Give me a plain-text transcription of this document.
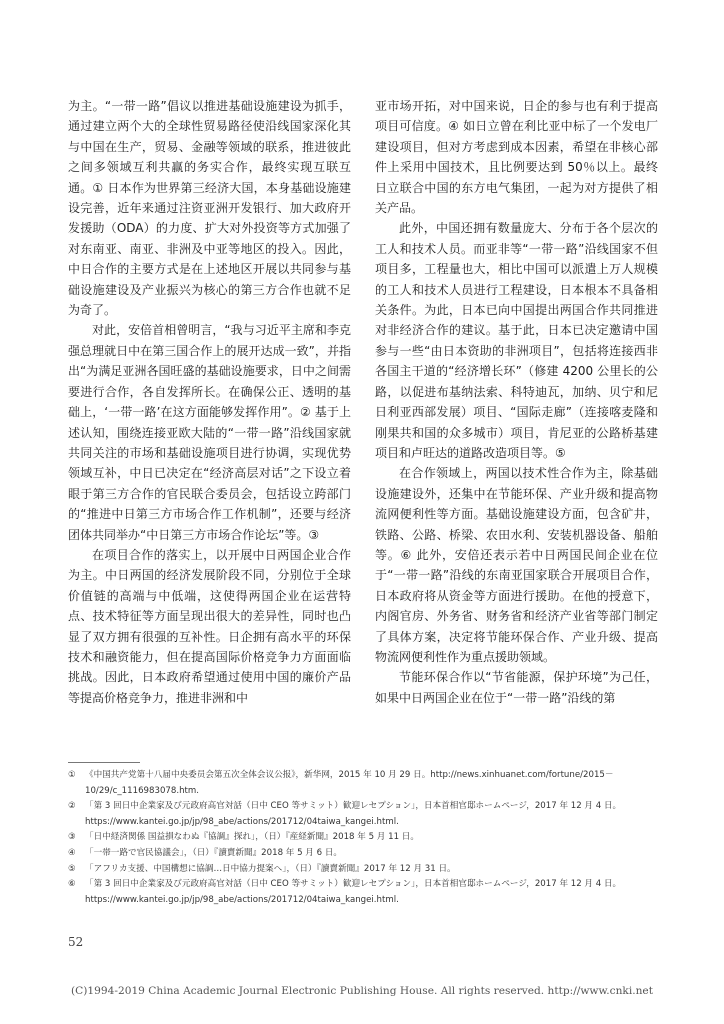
为主。“一带一路”倡议以推进基础设施建设为抓手，通过建立两个大的全球性贸易路径使沿线国家深化其与中国在生产，贸易、金融等领域的联系，推进彼此之间多领域互利共赢的务实合作，最终实现互联互通。① 日本作为世界第三经济大国，本身基础设施建设完善，近年来通过注资亚洲开发银行、加大政府开发援助（ODA）的力度、扩大对外投资等方式加强了对东南亚、南亚、非洲及中亚等地区的投入。因此，中日合作的主要方式是在上述地区开展以共同参与基础设施建设及产业振兴为核心的第三方合作也就不足为奇了。

对此，安倍首相曾明言，“我与习近平主席和李克强总理就日中在第三国合作上的展开达成一致”，并指出“为满足亚洲各国旺盛的基础设施要求，日中之间需要进行合作，各自发挥所长。在确保公正、透明的基础上，‘一带一路’在这方面能够发挥作用”。② 基于上述认知，围绕连接亚欧大陆的“一带一路”沿线国家就共同关注的市场和基础设施项目进行协调，实现优势领域互补，中日已决定在“经济高层对话”之下设立着眼于第三方合作的官民联合委员会，包括设立跨部门的“推进中日第三方市场合作工作机制”，还要与经济团体共同举办“中日第三方市场合作论坛”等。③

在项目合作的落实上，以开展中日两国企业合作为主。中日两国的经济发展阶段不同，分别位于全球价值链的高端与中低端，这使得两国企业在运营特点、技术特征等方面呈现出很大的差异性，同时也凸显了双方拥有很强的互补性。日企拥有高水平的环保技术和融资能力，但在提高国际价格竞争力方面面临挑战。因此，日本政府希望通过使用中国的廉价产品等提高价格竞争力，推进非洲和中

亚市场开拓，对中国来说，日企的参与也有利于提高项目可信度。④ 如日立曾在利比亚中标了一个发电厂建设项目，但对方考虑到成本因素，希望在非核心部件上采用中国技术，且比例要达到 50％以上。最终日立联合中国的东方电气集团，一起为对方提供了相关产品。

此外，中国还拥有数量庞大、分布于各个层次的工人和技术人员。而亚非等“一带一路”沿线国家不但项目多，工程量也大，相比中国可以派遣上万人规模的工人和技术人员进行工程建设，日本根本不具备相关条件。为此，日本已向中国提出两国合作共同推进对非经济合作的建议。基于此，日本已决定邀请中国参与一些“由日本资助的非洲项目”，包括将连接西非各国主干道的“经济增长环”（修建 4200 公里长的公路，以促进布基纳法索、科特迪瓦，加纳、贝宁和尼日利亚西部发展）项目、“国际走廊”（连接喀麦隆和刚果共和国的众多城市）项目，肯尼亚的公路桥基建项目和卢旺达的道路改造项目等。⑤

在合作领域上，两国以技术性合作为主，除基础设施建设外，还集中在节能环保、产业升级和提高物流网便利性等方面。基础设施建设方面，包含矿井，铁路、公路、桥梁、农田水利、安装机器设备、船舶等。⑥ 此外，安倍还表示若中日两国民间企业在位于“一带一路”沿线的东南亚国家联合开展项目合作，日本政府将从资金等方面进行援助。在他的授意下，内阁官房、外务省、财务省和经济产业省等部门制定了具体方案，决定将节能环保合作、产业升级、提高物流网便利性作为重点援助领域。

节能环保合作以“节省能源，保护环境”为己任，如果中日两国企业在位于“一带一路”沿线的第

① 《中国共产党第十八届中央委员会第五次全体会议公报》，新华网，2015 年 10 月 29 日。http://news.xinhuanet.com/fortune/2015－10/29/c_1116983078.htm.
② 「第 3 回日中企業家及び元政府高官対話（日中 CEO 等サミット）歓迎レセプション」，日本首相官邸ホームページ，2017 年 12 月 4 日。https://www.kantei.go.jp/jp/98_abe/actions/201712/04taiwa_kangei.html.
③ 「日中経済関係 国益損なわぬ『協調』探れ」，（日）『産経新聞』2018 年 5 月 11 日。
④ 「一帯一路で官民協議会」，（日）『讀賣新聞』2018 年 5 月 6 日。
⑤ 「アフリカ支援、中国構想に協調…日中協力提案へ」，（日）『讀賣新聞』2017 年 12 月 31 日。
⑥ 「第 3 回日中企業家及び元政府高官対話（日中 CEO 等サミット）歓迎レセプション」，日本首相官邸ホームページ，2017 年 12 月 4 日。https://www.kantei.go.jp/jp/98_abe/actions/201712/04taiwa_kangei.html.
52
(C)1994-2019 China Academic Journal Electronic Publishing House. All rights reserved. http://www.cnki.net
